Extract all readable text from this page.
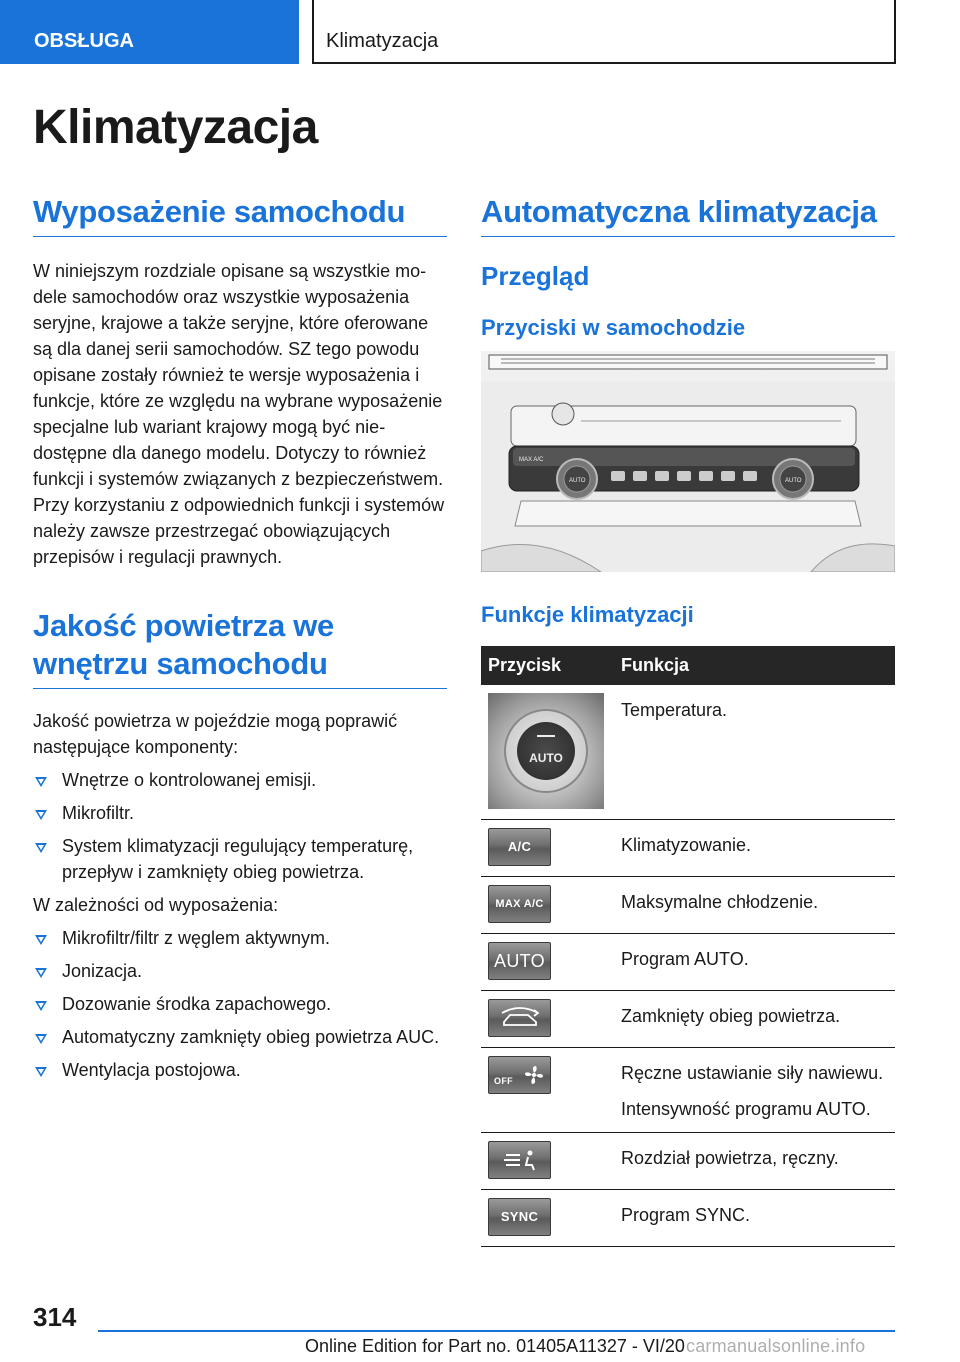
OBSŁUGA	Klimatyzacja
Klimatyzacja
Wyposażenie samochodu

W niniejszym rozdziale opisane są wszystkie modele samochodów oraz wszystkie wyposażenia seryjne, krajowe a także seryjne, które oferowane są dla danej serii samochodów. SZ tego powodu opisane zostały również te wersje wyposażenia i funkcje, które ze względu na wybrane wyposażenie specjalne lub wariant krajowy mogą być niedostępne dla danego modelu. Dotyczy to również funkcji i systemów związanych z bezpieczeństwem. Przy korzystaniu z odpowiednich funkcji i systemów należy zawsze przestrzegać obowiązujących przepisów i regulacji prawnych.

Jakość powietrza we
wnętrzu samochodu

Jakość powietrza w pojeździe mogą poprawić następujące komponenty:

Wnętrze o kontrolowanej emisji.
Mikrofiltr.
System klimatyzacji regulujący temperaturę, przepływ i zamknięty obieg powietrza.

W zależności od wyposażenia:

Mikrofiltr/filtr z węglem aktywnym.
Jonizacja.
Dozowanie środka zapachowego.
Automatyczny zamknięty obieg powietrza AUC.
Wentylacja postojowa.
Automatyczna klimatyzacja
Przegląd
Przyciski w samochodzie
MAX A/C
AUTO	AUTO
Funkcje klimatyzacji
Przycisk	Funkcja

AUTO	Temperatura.

A/C	Klimatyzowanie.

MAX A/C	Maksymalne chłodzenie.

AUTO	Program AUTO.

	Zamknięty obieg powietrza.

OFF	Ręczne ustawianie siły nawiewu.
Intensywność programu AUTO.

	Rozdział powietrza, ręczny.

SYNC	Program SYNC.
314
Online Edition for Part no. 01405A11327 - VI/20 carmanualsonline.info
